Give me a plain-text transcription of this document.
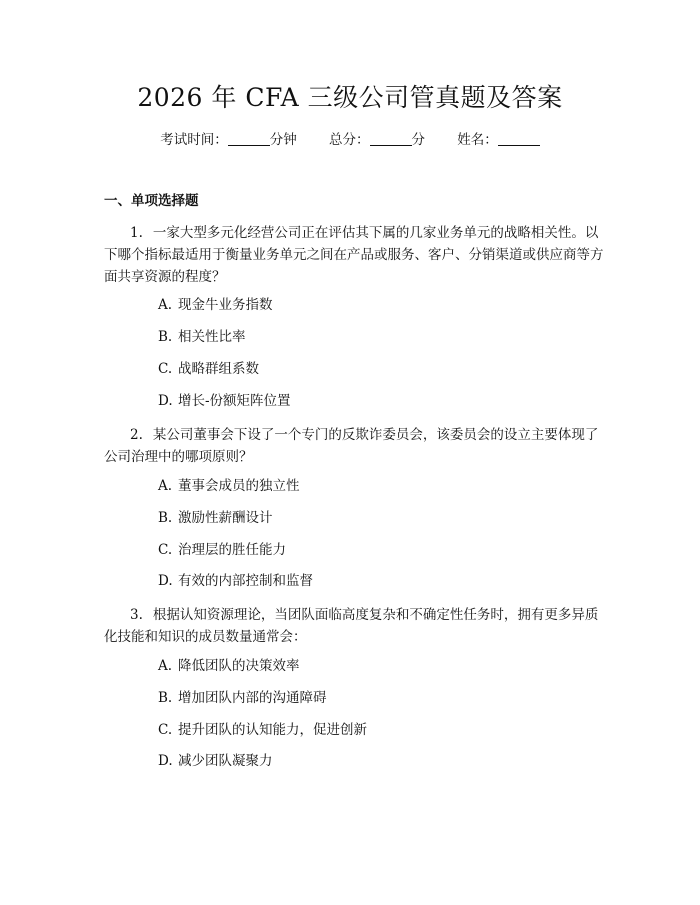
2026 年 CFA 三级公司管真题及答案
考试时间：	分钟 总分：	分 姓名：
一、单项选择题
1. 一家大型多元化经营公司正在评估其下属的几家业务单元的战略相关性。以下哪个指标最适用于衡量业务单元之间在产品或服务、客户、分销渠道或供应商等方面共享资源的程度？
A. 现金牛业务指数
B. 相关性比率
C. 战略群组系数
D. 增长-份额矩阵位置
2. 某公司董事会下设了一个专门的反欺诈委员会，该委员会的设立主要体现了公司治理中的哪项原则？
A. 董事会成员的独立性
B. 激励性薪酬设计
C. 治理层的胜任能力
D. 有效的内部控制和监督
3. 根据认知资源理论，当团队面临高度复杂和不确定性任务时，拥有更多异质化技能和知识的成员数量通常会：
A. 降低团队的决策效率
B. 增加团队内部的沟通障碍
C. 提升团队的认知能力，促进创新
D. 减少团队凝聚力
